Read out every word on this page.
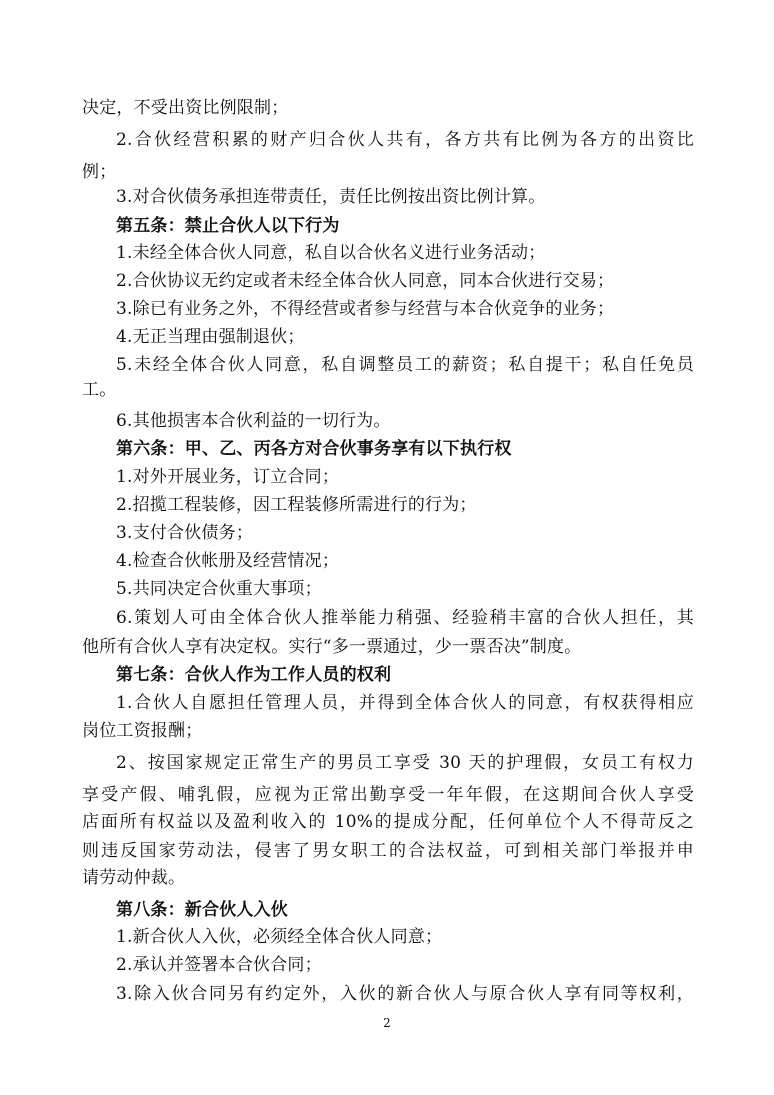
决定，不受出资比例限制；
2.合伙经营积累的财产归合伙人共有，各方共有比例为各方的出资比
例；
3.对合伙债务承担连带责任，责任比例按出资比例计算。
第五条：禁止合伙人以下行为
1.未经全体合伙人同意，私自以合伙名义进行业务活动；
2.合伙协议无约定或者未经全体合伙人同意，同本合伙进行交易；
3.除已有业务之外，不得经营或者参与经营与本合伙竞争的业务；
4.无正当理由强制退伙；
5.未经全体合伙人同意，私自调整员工的薪资；私自提干；私自任免员
工。
6.其他损害本合伙利益的一切行为。
第六条：甲、乙、丙各方对合伙事务享有以下执行权
1.对外开展业务，订立合同；
2.招揽工程装修，因工程装修所需进行的行为；
3.支付合伙债务；
4.检查合伙帐册及经营情况；
5.共同决定合伙重大事项；
6.策划人可由全体合伙人推举能力稍强、经验稍丰富的合伙人担任，其
他所有合伙人享有决定权。实行“多一票通过，少一票否决”制度。
第七条：合伙人作为工作人员的权利
1.合伙人自愿担任管理人员，并得到全体合伙人的同意，有权获得相应
岗位工资报酬；
2、按国家规定正常生产的男员工享受 30 天的护理假，女员工有权力
享受产假、哺乳假，应视为正常出勤享受一年年假，在这期间合伙人享受
店面所有权益以及盈利收入的 10%的提成分配，任何单位个人不得苛反之
则违反国家劳动法，侵害了男女职工的合法权益，可到相关部门举报并申
请劳动仲裁。
第八条：新合伙人入伙
1.新合伙人入伙，必须经全体合伙人同意；
2.承认并签署本合伙合同；
3.除入伙合同另有约定外，入伙的新合伙人与原合伙人享有同等权利，
2
